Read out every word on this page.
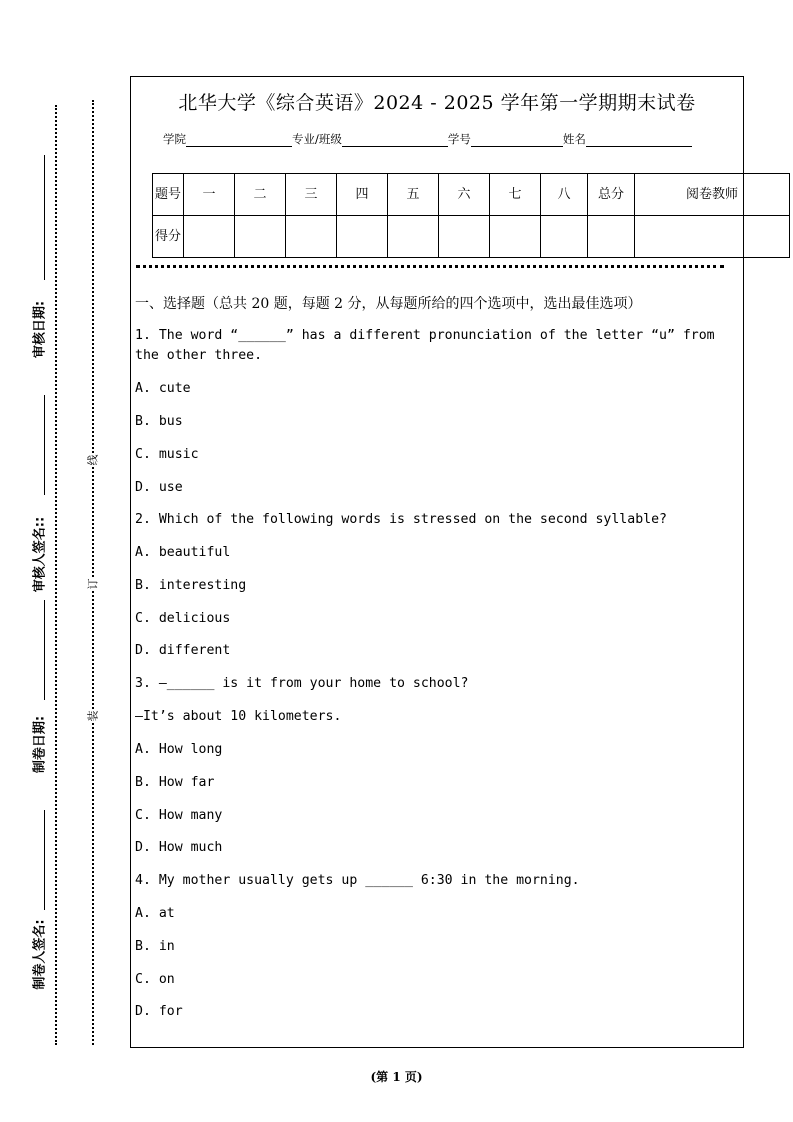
审核日期:
审核人签名::
制卷日期:
制卷人签名:
线
订
装
北华大学《综合英语》2024 - 2025 学年第一学期期末试卷
学院	专业/班级	学号	姓名
题号	一	二	三	四	五	六	七	八	总分	阅卷教师
得分										
一、选择题（总共 20 题，每题 2 分，从每题所给的四个选项中，选出最佳选项）
1. The word “______” has a different pronunciation of the letter “u” from
the other three.
A. cute
B. bus
C. music
D. use
2. Which of the following words is stressed on the second syllable?
A. beautiful
B. interesting
C. delicious
D. different
3. —______ is it from your home to school?
—It’s about 10 kilometers.
A. How long
B. How far
C. How many
D. How much
4. My mother usually gets up ______ 6:30 in the morning.
A. at
B. in
C. on
D. for
(第 1 页)
